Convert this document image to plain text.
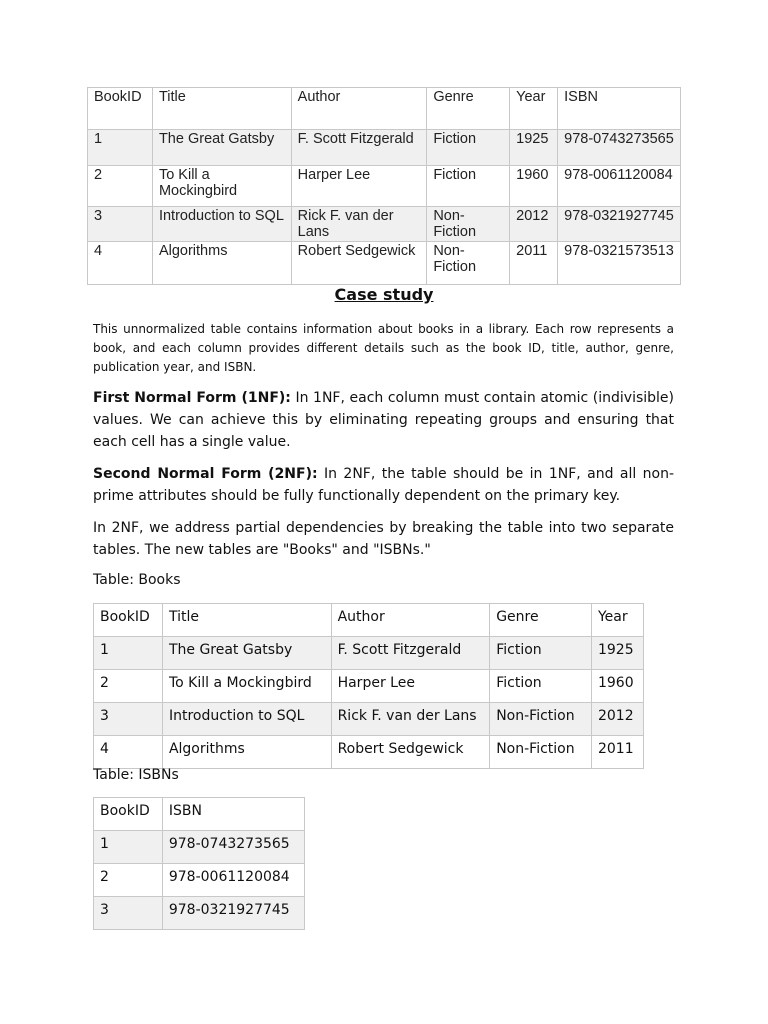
BookID	Title	Author	Genre	Year	ISBN
1	The Great Gatsby	F. Scott Fitzgerald	Fiction	1925	978-0743273565
2	To Kill a Mockingbird	Harper Lee	Fiction	1960	978-0061120084
3	Introduction to SQL	Rick F. van der Lans	Non-Fiction	2012	978-0321927745
4	Algorithms	Robert Sedgewick	Non-Fiction	2011	978-0321573513
Case study
This unnormalized table contains information about books in a library. Each row represents a book, and each column provides different details such as the book ID, title, author, genre, publication year, and ISBN.
First Normal Form (1NF): In 1NF, each column must contain atomic (indivisible) values. We can achieve this by eliminating repeating groups and ensuring that each cell has a single value.
Second Normal Form (2NF): In 2NF, the table should be in 1NF, and all non-prime attributes should be fully functionally dependent on the primary key.
In 2NF, we address partial dependencies by breaking the table into two separate tables. The new tables are "Books" and "ISBNs."
Table: Books
BookID	Title	Author	Genre	Year
1	The Great Gatsby	F. Scott Fitzgerald	Fiction	1925
2	To Kill a Mockingbird	Harper Lee	Fiction	1960
3	Introduction to SQL	Rick F. van der Lans	Non-Fiction	2012
4	Algorithms	Robert Sedgewick	Non-Fiction	2011
Table: ISBNs
BookID	ISBN
1	978-0743273565
2	978-0061120084
3	978-0321927745
